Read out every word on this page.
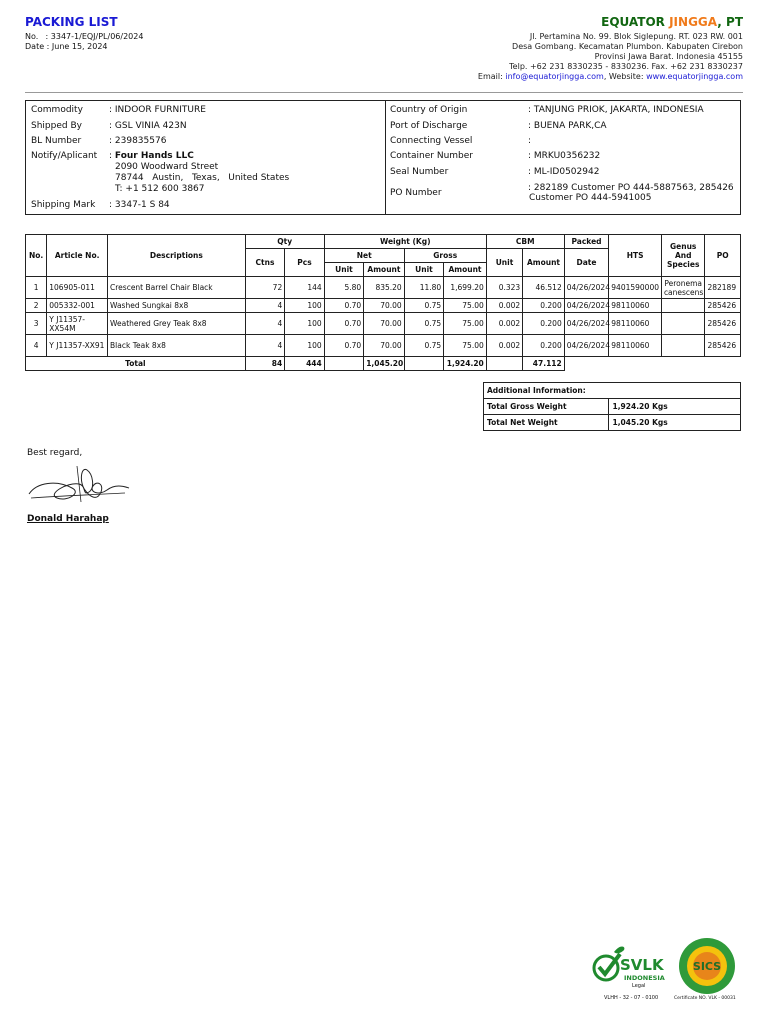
PACKING LIST
No. : 3347-1/EQJ/PL/06/2024
Date : June 15, 2024
EQUATOR JINGGA, PT
Jl. Pertamina No. 99. Blok Siglepung. RT. 023 RW. 001
Desa Gombang. Kecamatan Plumbon. Kabupaten Cirebon
Provinsi Jawa Barat. Indonesia 45155
Telp. +62 231 8330235 - 8330236. Fax. +62 231 8330237
Email: info@equatorjingga.com, Website: www.equatorjingga.com
Commodity	: INDOOR FURNITURE
Shipped By	: GSL VINIA 423N
BL Number	: 239835576
Notify/Aplicant : Four Hands LLC
2090 Woodward Street
78744   Austin,   Texas,   United States
T: +1 512 600 3867
Shipping Mark : 3347-1 S 84
Country of Origin	: TANJUNG PRIOK, JAKARTA, INDONESIA
Port of Discharge	: BUENA PARK,CA
Connecting Vessel	:
Container Number	: MRKU0356232
Seal Number	: ML-ID0502942
PO Number	: 282189 Customer PO 444-5887563, 285426
Customer PO 444-5941005
No.	Article No.	Descriptions	Qty		Weight (Kg)				CBM		Packed	HTS	Genus And Species	PO
			Ctns	Pcs	Net		Gross		Unit	Amount	Date			
					Unit	Amount	Unit	Amount						
1	106905-011	Crescent Barrel Chair Black	72	144	5.80	835.20	11.80	1,699.20	0.323	46.512	04/26/2024	9401590000	Peronema canescens	282189
2	005332-001	Washed Sungkai 8x8	4	100	0.70	70.00	0.75	75.00	0.002	0.200	04/26/2024	98110060		285426
3	Y J11357-XX54M	Weathered Grey Teak 8x8	4	100	0.70	70.00	0.75	75.00	0.002	0.200	04/26/2024	98110060		285426
4	Y J11357-XX91	Black Teak 8x8	4	100	0.70	70.00	0.75	75.00	0.002	0.200	04/26/2024	98110060		285426
Total			84	444		1,045.20		1,924.20		47.112				
Additional Information:	
Total Gross Weight	1,924.20 Kgs
Total Net Weight	1,045.20 Kgs
Best regard,
Donald Harahap
SVLK
INDONESIA
Legal
VLHH - 32 - 07 - 0100
SICS
Certificate NO. VLK - 00031
